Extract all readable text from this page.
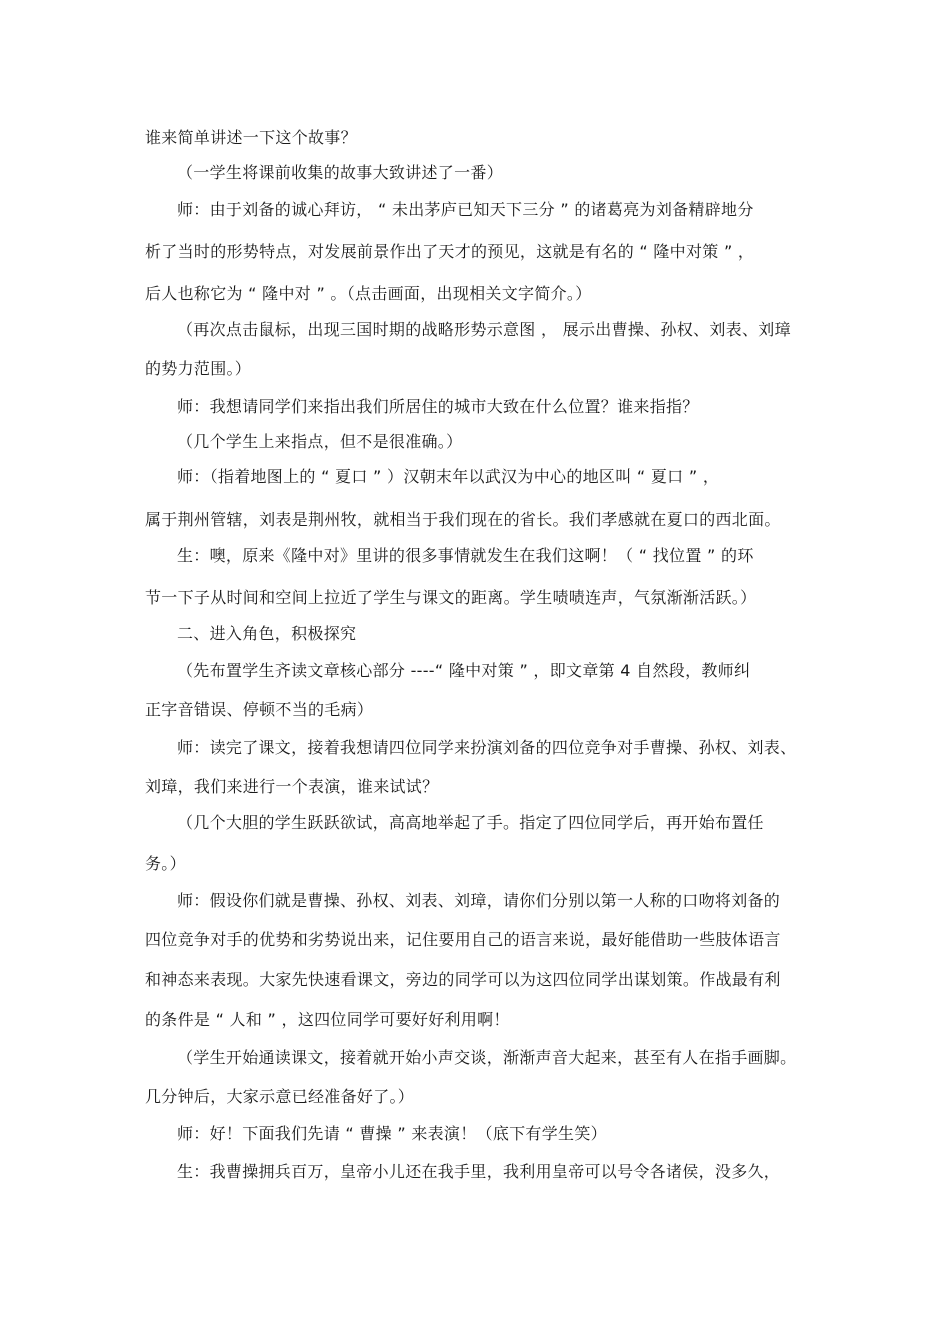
谁来简单讲述一下这个故事？
（一学生将课前收集的故事大致讲述了一番）
师：由于刘备的诚心拜访， “ 未出茅庐已知天下三分 ” 的诸葛亮为刘备精辟地分
析了当时的形势特点，对发展前景作出了天才的预见，这就是有名的 “ 隆中对策 ” ，
后人也称它为 “ 隆中对 ” 。（点击画面，出现相关文字简介。）
（再次点击鼠标，出现三国时期的战略形势示意图 ， 展示出曹操、孙权、刘表、刘璋
的势力范围。）
师：我想请同学们来指出我们所居住的城市大致在什么位置？谁来指指？
（几个学生上来指点，但不是很准确。）
师：（指着地图上的 “ 夏口 ” ）汉朝末年以武汉为中心的地区叫 “ 夏口 ” ，
属于荆州管辖，刘表是荆州牧，就相当于我们现在的省长。我们孝感就在夏口的西北面。
生：噢，原来《隆中对》里讲的很多事情就发生在我们这啊！（ “ 找位置 ” 的环
节一下子从时间和空间上拉近了学生与课文的距离。学生啧啧连声，气氛渐渐活跃。）
二、进入角色，积极探究
（先布置学生齐读文章核心部分 ----“ 隆中对策 ” ，即文章第 4 自然段，教师纠
正字音错误、停顿不当的毛病）
师：读完了课文，接着我想请四位同学来扮演刘备的四位竞争对手曹操、孙权、刘表、
刘璋，我们来进行一个表演，谁来试试？
（几个大胆的学生跃跃欲试，高高地举起了手。指定了四位同学后，再开始布置任
务。）
师：假设你们就是曹操、孙权、刘表、刘璋，请你们分别以第一人称的口吻将刘备的
四位竞争对手的优势和劣势说出来，记住要用自己的语言来说，最好能借助一些肢体语言
和神态来表现。大家先快速看课文，旁边的同学可以为这四位同学出谋划策。作战最有利
的条件是 “ 人和 ” ，这四位同学可要好好利用啊！
（学生开始通读课文，接着就开始小声交谈，渐渐声音大起来，甚至有人在指手画脚。
几分钟后，大家示意已经准备好了。）
师：好！下面我们先请 “ 曹操 ” 来表演！（底下有学生笑）
生：我曹操拥兵百万，皇帝小儿还在我手里，我利用皇帝可以号令各诸侯，没多久，
